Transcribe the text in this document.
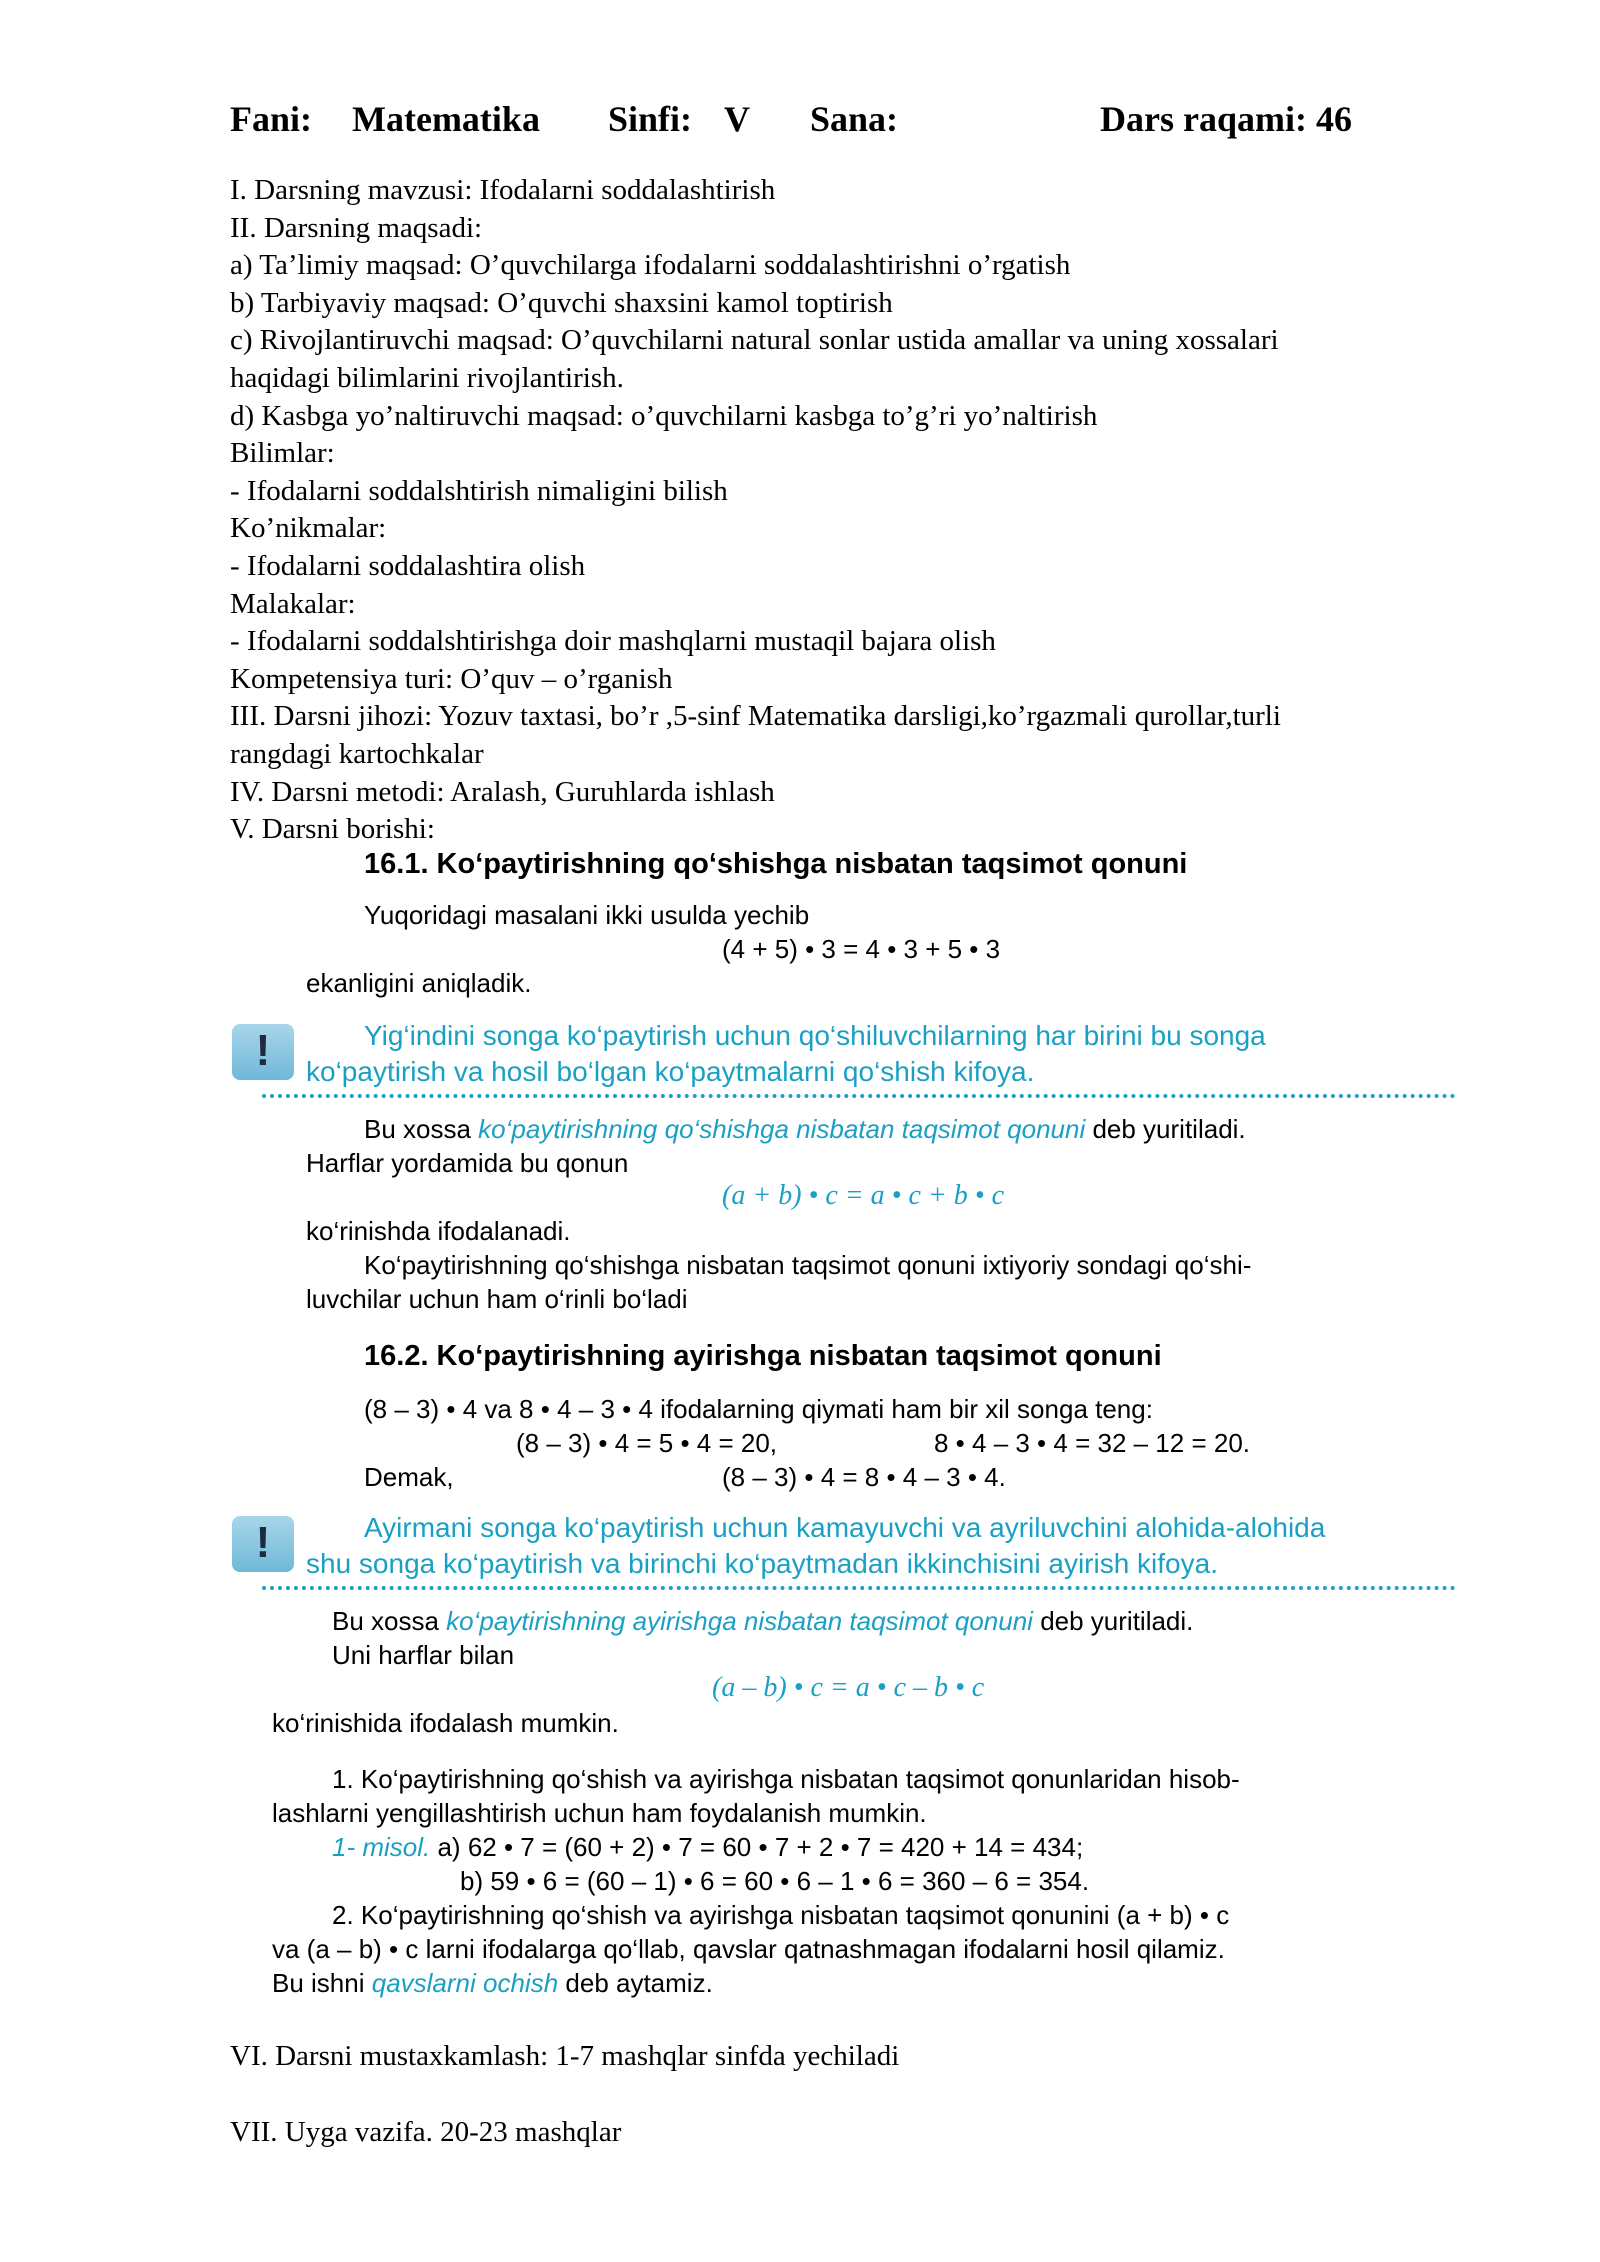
Fani: Matematika Sinfi: V Sana:	Dars raqami: 46
I. Darsning mavzusi: Ifodalarni soddalashtirish
II. Darsning maqsadi:
a) Ta’limiy maqsad: O’quvchilarga ifodalarni soddalashtirishni o’rgatish
b) Tarbiyaviy maqsad: O’quvchi shaxsini kamol toptirish
c) Rivojlantiruvchi maqsad: O’quvchilarni natural sonlar ustida amallar va uning xossalari
haqidagi bilimlarini rivojlantirish.
d) Kasbga yo’naltiruvchi maqsad: o’quvchilarni kasbga to’g’ri yo’naltirish
Bilimlar:
- Ifodalarni soddalshtirish nimaligini bilish
Ko’nikmalar:
- Ifodalarni soddalashtira olish
Malakalar:
- Ifodalarni soddalshtirishga doir mashqlarni mustaqil bajara olish
Kompetensiya turi: O’quv – o’rganish
III. Darsni jihozi: Yozuv taxtasi, bo’r ,5-sinf Matematika darsligi,ko’rgazmali qurollar,turli
rangdagi kartochkalar
IV. Darsni metodi: Aralash, Guruhlarda ishlash
V. Darsni borishi:
16.1. Ko‘paytirishning qo‘shishga nisbatan taqsimot qonuni
Yuqoridagi masalani ikki usulda yechib
(4 + 5) • 3 = 4 • 3 + 5 • 3
ekanligini aniqladik.
!	Yig‘indini songa ko‘paytirish uchun qo‘shiluvchilarning har birini bu songa
ko‘paytirish va hosil bo‘lgan ko‘paytmalarni qo‘shish kifoya.
Bu xossa ko‘paytirishning qo‘shishga nisbatan taqsimot qonuni deb yuritiladi.
Harflar yordamida bu qonun
(a + b) • c = a • c + b • c
ko‘rinishda ifodalanadi.
Ko‘paytirishning qo‘shishga nisbatan taqsimot qonuni ixtiyoriy sondagi qo‘shi-
luvchilar uchun ham o‘rinli bo‘ladi
16.2. Ko‘paytirishning ayirishga nisbatan taqsimot qonuni
(8 – 3) • 4 va 8 • 4 – 3 • 4 ifodalarning qiymati ham bir xil songa teng:
(8 – 3) • 4 = 5 • 4 = 20,	8 • 4 – 3 • 4 = 32 – 12 = 20.
Demak,	(8 – 3) • 4 = 8 • 4 – 3 • 4.
!	Ayirmani songa ko‘paytirish uchun kamayuvchi va ayriluvchini alohida-alohida
shu songa ko‘paytirish va birinchi ko‘paytmadan ikkinchisini ayirish kifoya.
Bu xossa ko‘paytirishning ayirishga nisbatan taqsimot qonuni deb yuritiladi.
Uni harflar bilan
(a – b) • c = a • c – b • c
ko‘rinishida ifodalash mumkin.
1. Ko‘paytirishning qo‘shish va ayirishga nisbatan taqsimot qonunlaridan hisob-
lashlarni yengillashtirish uchun ham foydalanish mumkin.
1- misol. a) 62 • 7 = (60 + 2) • 7 = 60 • 7 + 2 • 7 = 420 + 14 = 434;
b) 59 • 6 = (60 – 1) • 6 = 60 • 6 – 1 • 6 = 360 – 6 = 354.
2. Ko‘paytirishning qo‘shish va ayirishga nisbatan taqsimot qonunini (a + b) • c
va (a – b) • c larni ifodalarga qo‘llab, qavslar qatnashmagan ifodalarni hosil qilamiz.
Bu ishni qavslarni ochish deb aytamiz.
VI. Darsni mustaxkamlash: 1-7 mashqlar sinfda yechiladi
VII. Uyga vazifa. 20-23 mashqlar
